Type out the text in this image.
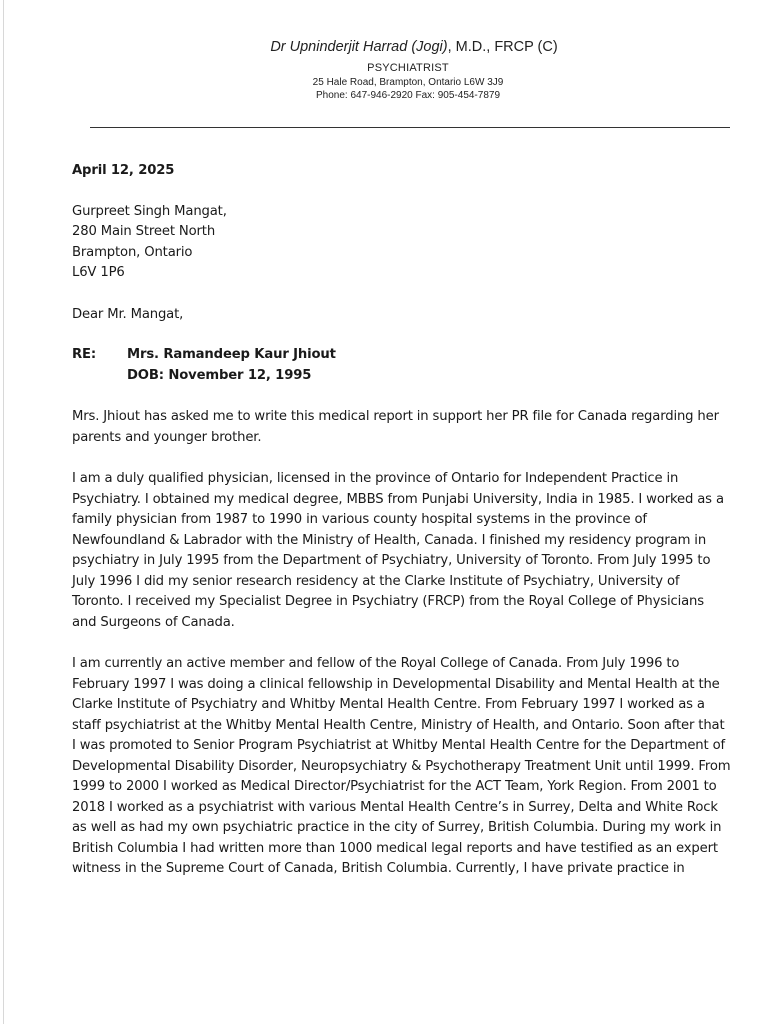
Dr Upninderjit Harrad (Jogi), M.D., FRCP (C)
PSYCHIATRIST
25 Hale Road, Brampton, Ontario L6W 3J9
Phone: 647-946-2920 Fax: 905-454-7879
April 12, 2025
Gurpreet Singh Mangat,
280 Main Street North
Brampton, Ontario
L6V 1P6
Dear Mr. Mangat,
RE:	Mrs. Ramandeep Kaur Jhiout
DOB: November 12, 1995

Mrs. Jhiout has asked me to write this medical report in support her PR file for Canada regarding her parents and younger brother.

I am a duly qualified physician, licensed in the province of Ontario for Independent Practice in Psychiatry. I obtained my medical degree, MBBS from Punjabi University, India in 1985. I worked as a family physician from 1987 to 1990 in various county hospital systems in the province of Newfoundland & Labrador with the Ministry of Health, Canada. I finished my residency program in psychiatry in July 1995 from the Department of Psychiatry, University of Toronto. From July 1995 to July 1996 I did my senior research residency at the Clarke Institute of Psychiatry, University of Toronto. I received my Specialist Degree in Psychiatry (FRCP) from the Royal College of Physicians and Surgeons of Canada.

I am currently an active member and fellow of the Royal College of Canada. From July 1996 to February 1997 I was doing a clinical fellowship in Developmental Disability and Mental Health at the Clarke Institute of Psychiatry and Whitby Mental Health Centre. From February 1997 I worked as a staff psychiatrist at the Whitby Mental Health Centre, Ministry of Health, and Ontario. Soon after that I was promoted to Senior Program Psychiatrist at Whitby Mental Health Centre for the Department of Developmental Disability Disorder, Neuropsychiatry & Psychotherapy Treatment Unit until 1999. From 1999 to 2000 I worked as Medical Director/Psychiatrist for the ACT Team, York Region. From 2001 to 2018 I worked as a psychiatrist with various Mental Health Centre’s in Surrey, Delta and White Rock as well as had my own psychiatric practice in the city of Surrey, British Columbia. During my work in British Columbia I had written more than 1000 medical legal reports and have testified as an expert witness in the Supreme Court of Canada, British Columbia. Currently, I have private practice in
